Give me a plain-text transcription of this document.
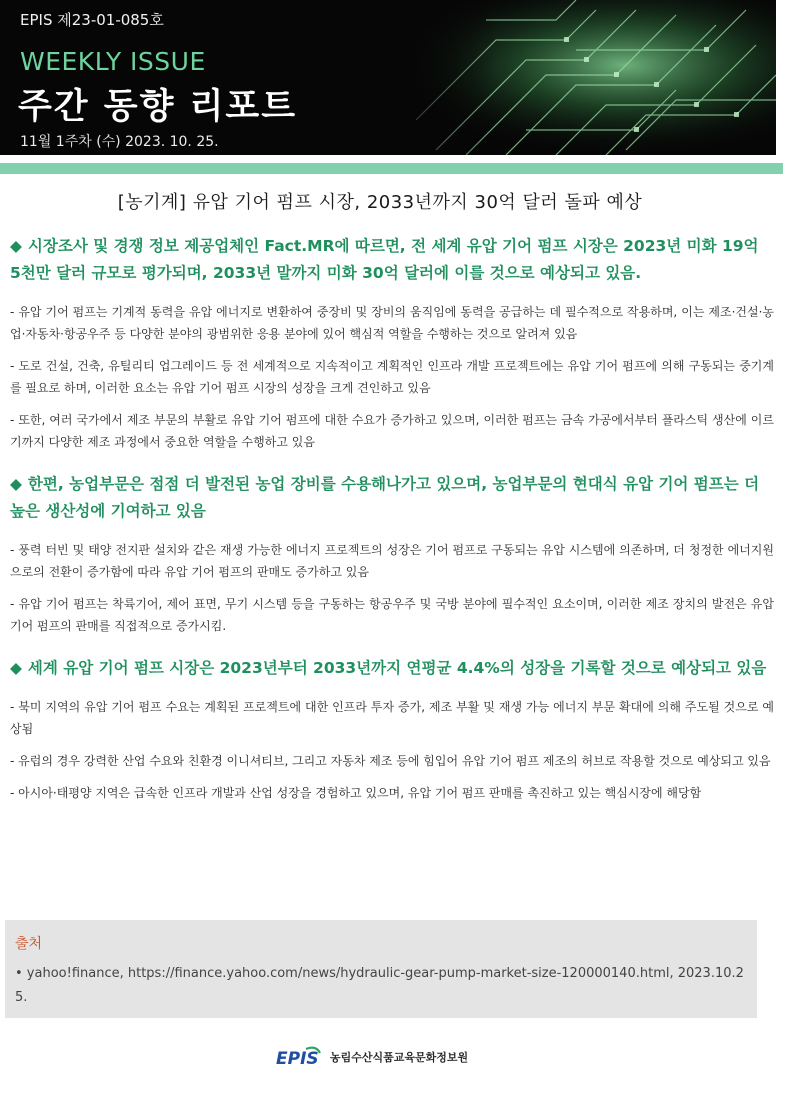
EPIS 제23-01-085호
WEEKLY ISSUE
주간 동향 리포트
11월 1주차 (수) 2023. 10. 25.
[농기계] 유압 기어 펌프 시장, 2033년까지 30억 달러 돌파 예상

◆ 시장조사 및 경쟁 정보 제공업체인 Fact.MR에 따르면, 전 세계 유압 기어 펌프 시장은 2023년 미화 19억 5천만 달러 규모로 평가되며, 2033년 말까지 미화 30억 달러에 이를 것으로 예상되고 있음.

- 유압 기어 펌프는 기계적 동력을 유압 에너지로 변환하여 중장비 및 장비의 움직임에 동력을 공급하는 데 필수적으로 작용하며, 이는 제조·건설·농업·자동차·항공우주 등 다양한 분야의 광범위한 응용 분야에 있어 핵심적 역할을 수행하는 것으로 알려져 있음

- 도로 건설, 건축, 유틸리티 업그레이드 등 전 세계적으로 지속적이고 계획적인 인프라 개발 프로젝트에는 유압 기어 펌프에 의해 구동되는 중기계를 필요로 하며, 이러한 요소는 유압 기어 펌프 시장의 성장을 크게 견인하고 있음

- 또한, 여러 국가에서 제조 부문의 부활로 유압 기어 펌프에 대한 수요가 증가하고 있으며, 이러한 펌프는 금속 가공에서부터 플라스틱 생산에 이르기까지 다양한 제조 과정에서 중요한 역할을 수행하고 있음

◆ 한편, 농업부문은 점점 더 발전된 농업 장비를 수용해나가고 있으며, 농업부문의 현대식 유압 기어 펌프는 더 높은 생산성에 기여하고 있음

- 풍력 터빈 및 태양 전지판 설치와 같은 재생 가능한 에너지 프로젝트의 성장은 기어 펌프로 구동되는 유압 시스템에 의존하며, 더 청정한 에너지원으로의 전환이 증가함에 따라 유압 기어 펌프의 판매도 증가하고 있음

- 유압 기어 펌프는 착륙기어, 제어 표면, 무기 시스템 등을 구동하는 항공우주 및 국방 분야에 필수적인 요소이며, 이러한 제조 장치의 발전은 유압 기어 펌프의 판매를 직접적으로 증가시킴.

◆ 세계 유압 기어 펌프 시장은 2023년부터 2033년까지 연평균 4.4%의 성장을 기록할 것으로 예상되고 있음

- 북미 지역의 유압 기어 펌프 수요는 계획된 프로젝트에 대한 인프라 투자 증가, 제조 부활 및 재생 가능 에너지 부문 확대에 의해 주도될 것으로 예상됨

- 유럽의 경우 강력한 산업 수요와 친환경 이니셔티브, 그리고 자동차 제조 등에 힘입어 유압 기어 펌프 제조의 허브로 작용할 것으로 예상되고 있음

- 아시아·태평양 지역은 급속한 인프라 개발과 산업 성장을 경험하고 있으며, 유압 기어 펌프 판매를 촉진하고 있는 핵심시장에 해당함

출처
• yahoo!finance, https://finance.yahoo.com/news/hydraulic-gear-pump-market-size-120000140.html, 2023.10.25.
EPIS 농림수산식품교육문화정보원
